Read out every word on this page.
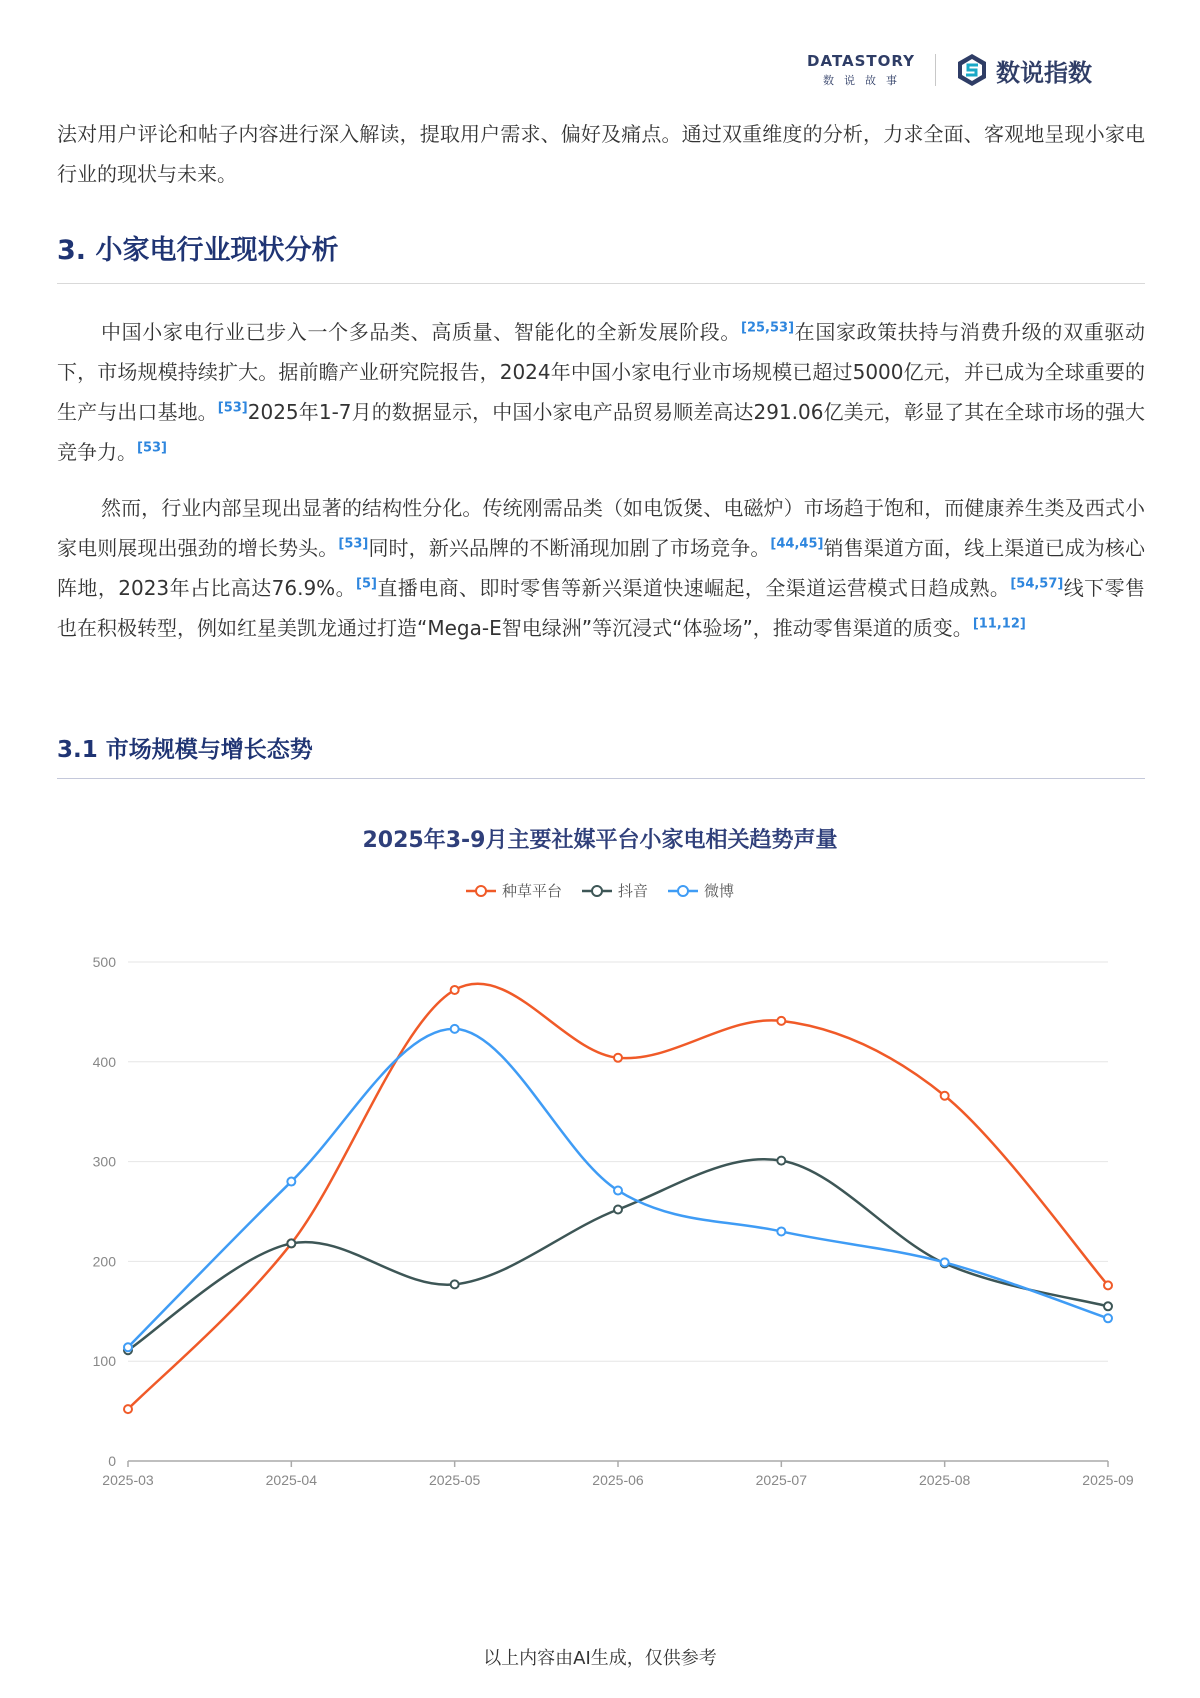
DATASTORY
数说故事	数说指数

法对用户评论和帖子内容进行深入解读，提取用户需求、偏好及痛点。通过双重维度的分析，力求全面、客观地呈现小家电行业的现状与未来。

3. 小家电行业现状分析

中国小家电行业已步入一个多品类、高质量、智能化的全新发展阶段。[25,53]在国家政策扶持与消费升级的双重驱动下，市场规模持续扩大。据前瞻产业研究院报告，2024年中国小家电行业市场规模已超过5000亿元，并已成为全球重要的生产与出口基地。[53]2025年1-7月的数据显示，中国小家电产品贸易顺差高达291.06亿美元，彰显了其在全球市场的强大竞争力。[53]

然而，行业内部呈现出显著的结构性分化。传统刚需品类（如电饭煲、电磁炉）市场趋于饱和，而健康养生类及西式小家电则展现出强劲的增长势头。[53]同时，新兴品牌的不断涌现加剧了市场竞争。[44,45]销售渠道方面，线上渠道已成为核心阵地，2023年占比高达76.9%。[5]直播电商、即时零售等新兴渠道快速崛起，全渠道运营模式日趋成熟。[54,57]线下零售也在积极转型，例如红星美凯龙通过打造“Mega-E智电绿洲”等沉浸式“体验场”，推动零售渠道的质变。[11,12]

3.1 市场规模与增长态势
2025年3-9月主要社媒平台小家电相关趋势声量
种草平台	抖音	微博
0
100
200
300
400
500
2025-03	2025-04	2025-05	2025-06	2025-07	2025-08	2025-09
以上内容由AI生成，仅供参考
